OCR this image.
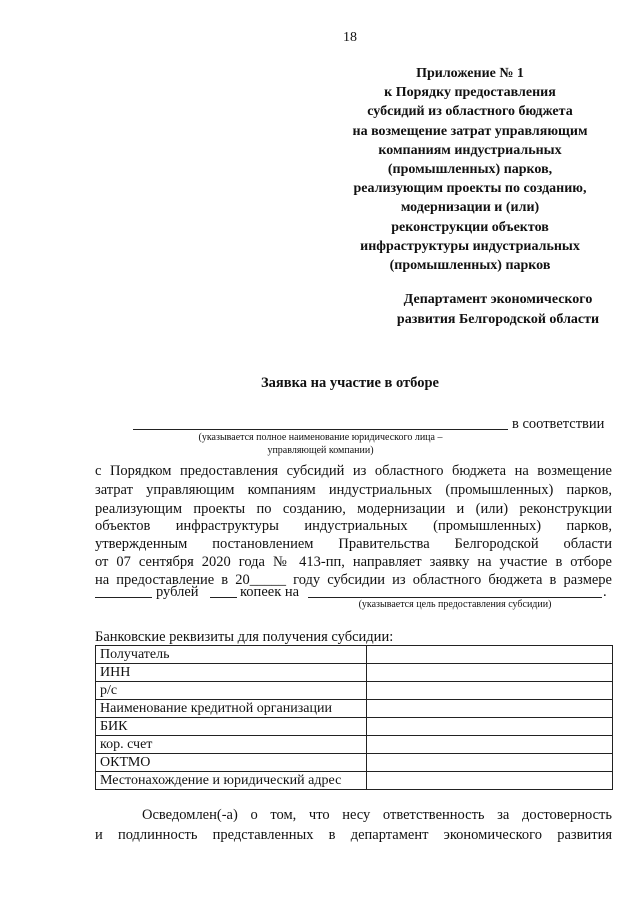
18
Приложение № 1
к Порядку предоставления
субсидий из областного бюджета
на возмещение затрат управляющим
компаниям индустриальных
(промышленных) парков,
реализующим проекты по созданию,
модернизации и (или)
реконструкции объектов
инфраструктуры индустриальных
(промышленных) парков
Департамент экономического
развития Белгородской области
Заявка на участие в отборе
в соответствии
(указывается полное наименование юридического лица –
управляющей компании)
с Порядком предоставления субсидий из областного бюджета на возмещение
затрат управляющим компаниям индустриальных (промышленных) парков,
реализующим проекты по созданию, модернизации и (или) реконструкции
объектов инфраструктуры индустриальных (промышленных) парков,
утвержденным постановлением Правительства Белгородской области
от 07 сентября 2020 года № 413-пп, направляет заявку на участие в отборе
на предоставление в 20_____ году субсидии из областного бюджета в размере
рублей	копеек на	.
(указывается цель предоставления субсидии)
Банковские реквизиты для получения субсидии:
Получатель	
ИНН	
р/с	
Наименование кредитной организации	
БИК	
кор. счет	
ОКТМО	
Местонахождение и юридический адрес	
Осведомлен(-а) о том, что несу ответственность за достоверность
и подлинность представленных в департамент экономического развития
